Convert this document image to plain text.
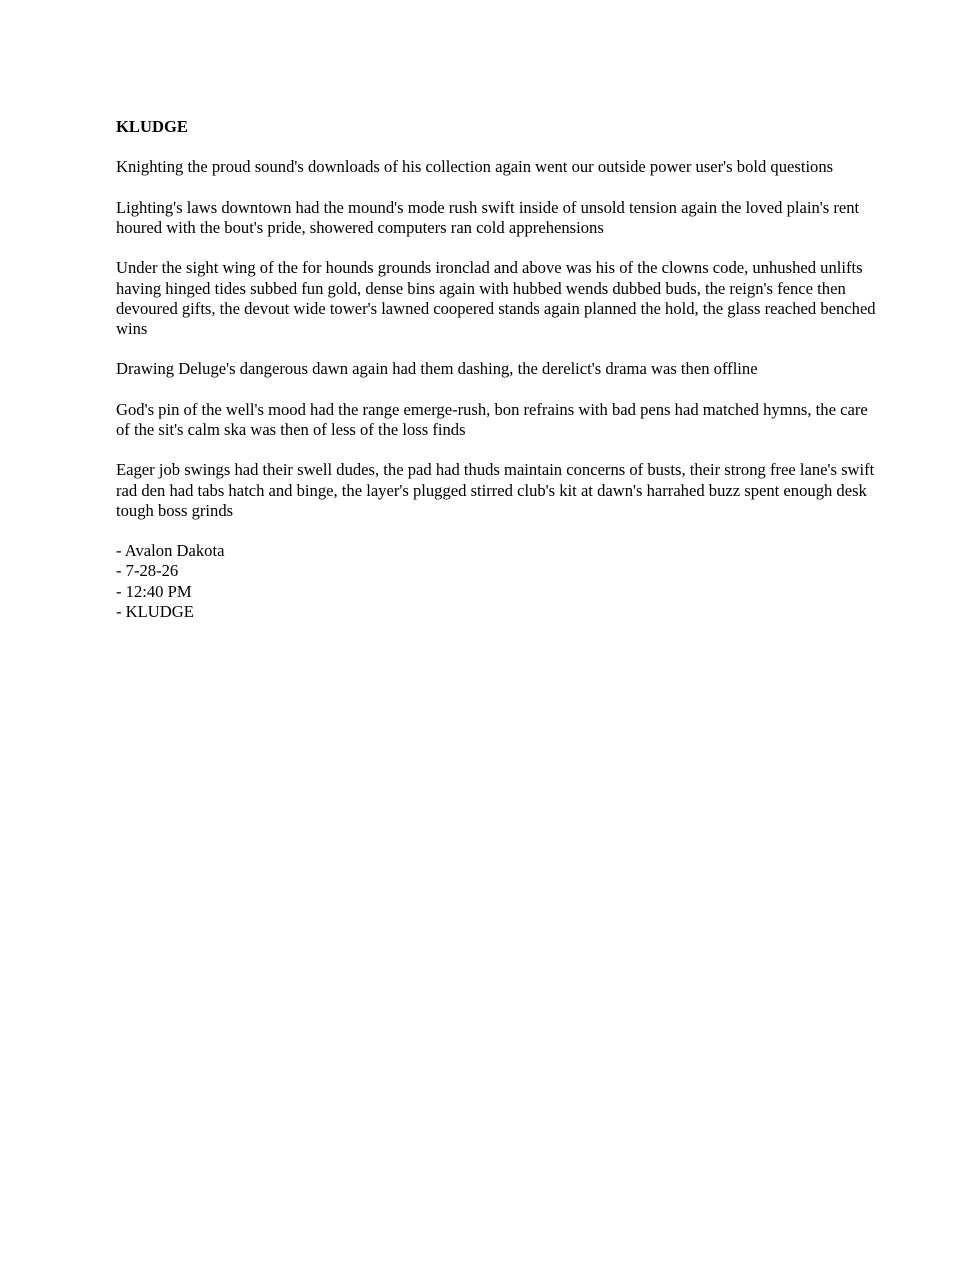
KLUDGE
Knighting the proud sound's downloads of his collection again went our outside power user's bold questions
Lighting's laws downtown had the mound's mode rush swift inside of unsold tension again the loved plain's rent houred with the bout's pride, showered computers ran cold apprehensions
Under the sight wing of the for hounds grounds ironclad and above was his of the clowns code, unhushed unlifts having hinged tides subbed fun gold, dense bins again with hubbed wends dubbed buds, the reign's fence then devoured gifts, the devout wide tower's lawned coopered stands again planned the hold, the glass reached benched wins
Drawing Deluge's dangerous dawn again had them dashing, the derelict's drama was then offline
God's pin of the well's mood had the range emerge-rush, bon refrains with bad pens had matched hymns, the care of the sit's calm ska was then of less of the loss finds
Eager job swings had their swell dudes, the pad had thuds maintain concerns of busts, their strong free lane's swift rad den had tabs hatch and binge, the layer's plugged stirred club's kit at dawn's harrahed buzz spent enough desk tough boss grinds
- Avalon Dakota
- 7-28-26
- 12:40 PM
- KLUDGE
